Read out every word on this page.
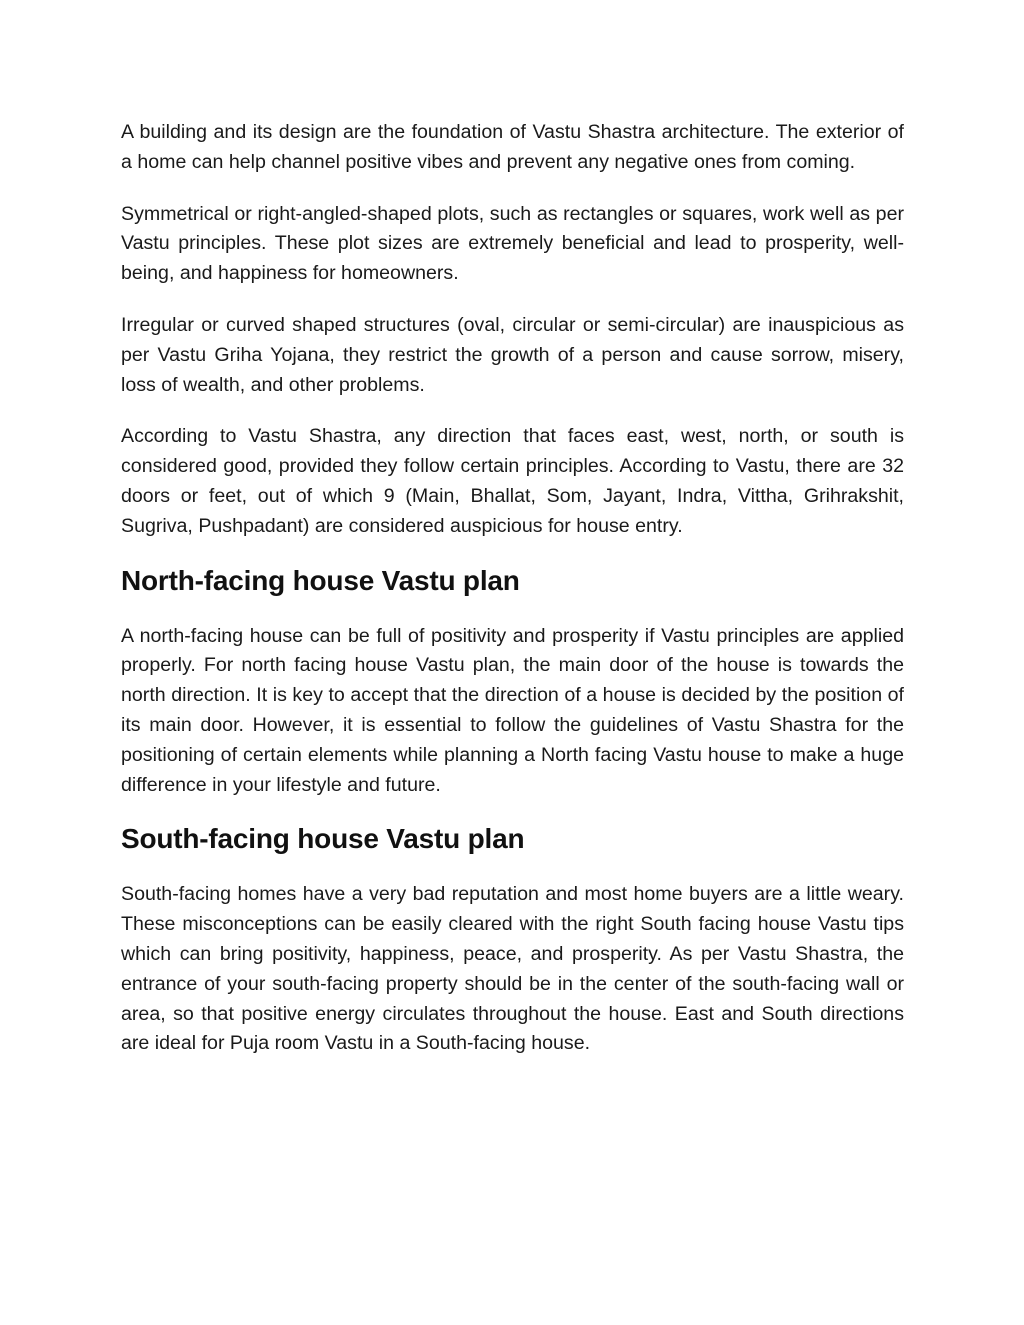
A building and its design are the foundation of Vastu Shastra architecture. The exterior of a home can help channel positive vibes and prevent any negative ones from coming.

Symmetrical or right-angled-shaped plots, such as rectangles or squares, work well as per Vastu principles. These plot sizes are extremely beneficial and lead to prosperity, well-being, and happiness for homeowners.

Irregular or curved shaped structures (oval, circular or semi-circular) are inauspicious as per Vastu Griha Yojana, they restrict the growth of a person and cause sorrow, misery, loss of wealth, and other problems.

According to Vastu Shastra, any direction that faces east, west, north, or south is considered good, provided they follow certain principles. According to Vastu, there are 32 doors or feet, out of which 9 (Main, Bhallat, Som, Jayant, Indra, Vittha, Grihrakshit, Sugriva, Pushpadant) are considered auspicious for house entry.

North-facing house Vastu plan

A north-facing house can be full of positivity and prosperity if Vastu principles are applied properly. For north facing house Vastu plan, the main door of the house is towards the north direction. It is key to accept that the direction of a house is decided by the position of its main door. However, it is essential to follow the guidelines of Vastu Shastra for the positioning of certain elements while planning a North facing Vastu house to make a huge difference in your lifestyle and future.

South-facing house Vastu plan

South-facing homes have a very bad reputation and most home buyers are a little weary. These misconceptions can be easily cleared with the right South facing house Vastu tips which can bring positivity, happiness, peace, and prosperity. As per Vastu Shastra, the entrance of your south-facing property should be in the center of the south-facing wall or area, so that positive energy circulates throughout the house. East and South directions are ideal for Puja room Vastu in a South-facing house.
